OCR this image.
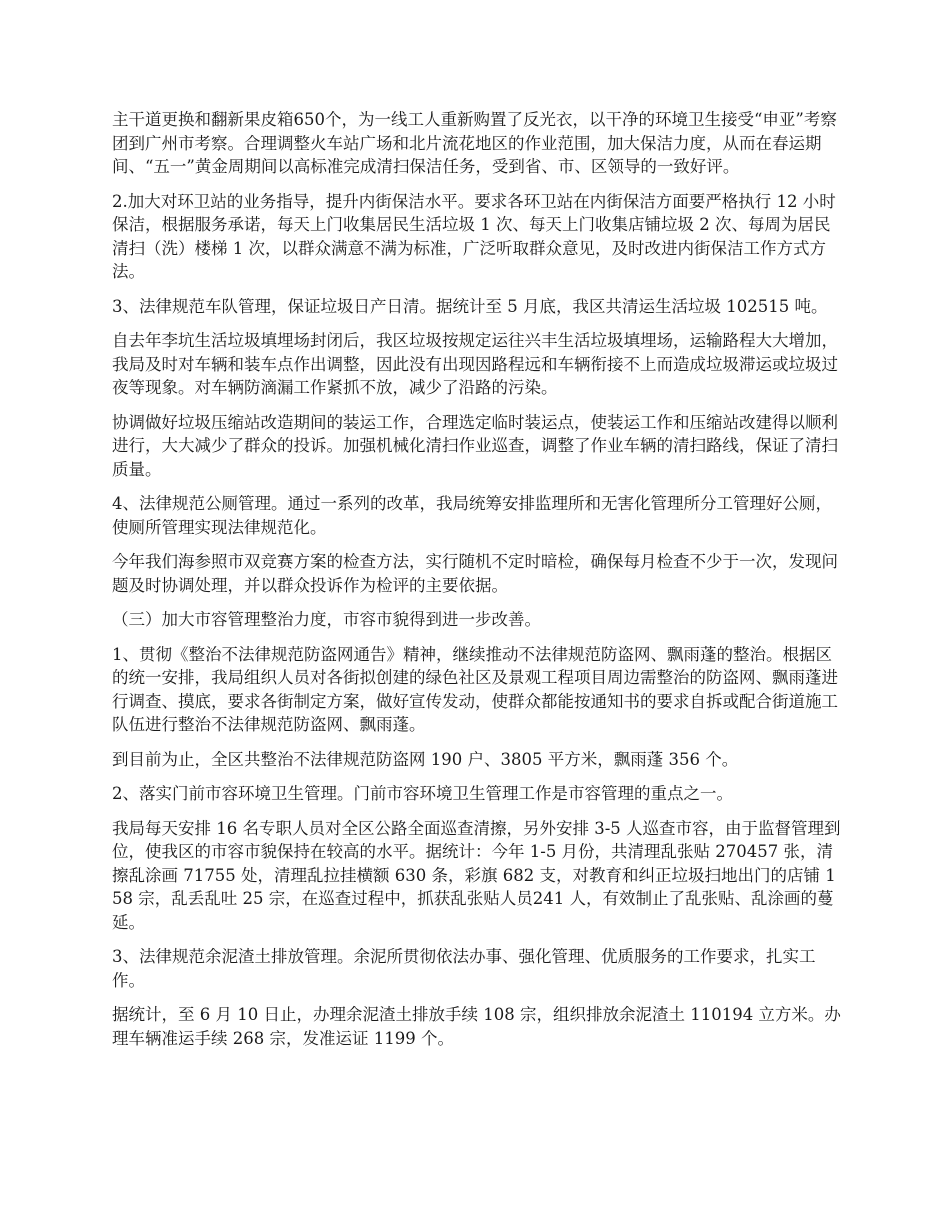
主干道更换和翻新果皮箱650个，为一线工人重新购置了反光衣，以干净的环境卫生接受“申亚”考察团到广州市考察。合理调整火车站广场和北片流花地区的作业范围，加大保洁力度，从而在春运期间、“五一”黄金周期间以高标准完成清扫保洁任务，受到省、市、区领导的一致好评。

2.加大对环卫站的业务指导，提升内街保洁水平。要求各环卫站在内街保洁方面要严格执行 12 小时保洁，根据服务承诺，每天上门收集居民生活垃圾 1 次、每天上门收集店铺垃圾 2 次、每周为居民清扫（洗）楼梯 1 次，以群众满意不满为标准，广泛听取群众意见，及时改进内街保洁工作方式方法。

3、法律规范车队管理，保证垃圾日产日清。据统计至 5 月底，我区共清运生活垃圾 102515 吨。

自去年李坑生活垃圾填埋场封闭后，我区垃圾按规定运往兴丰生活垃圾填埋场，运输路程大大增加，我局及时对车辆和装车点作出调整，因此没有出现因路程远和车辆衔接不上而造成垃圾滞运或垃圾过夜等现象。对车辆防滴漏工作紧抓不放，减少了沿路的污染。

协调做好垃圾压缩站改造期间的装运工作，合理选定临时装运点，使装运工作和压缩站改建得以顺利进行，大大减少了群众的投诉。加强机械化清扫作业巡查，调整了作业车辆的清扫路线，保证了清扫质量。

4、法律规范公厕管理。通过一系列的改革，我局统筹安排监理所和无害化管理所分工管理好公厕，使厕所管理实现法律规范化。

今年我们海参照市双竞赛方案的检查方法，实行随机不定时暗检，确保每月检查不少于一次，发现问题及时协调处理，并以群众投诉作为检评的主要依据。

（三）加大市容管理整治力度，市容市貌得到进一步改善。

1、贯彻《整治不法律规范防盗网通告》精神，继续推动不法律规范防盗网、飘雨蓬的整治。根据区的统一安排，我局组织人员对各街拟创建的绿色社区及景观工程项目周边需整治的防盗网、飘雨蓬进行调查、摸底，要求各街制定方案，做好宣传发动，使群众都能按通知书的要求自拆或配合街道施工队伍进行整治不法律规范防盗网、飘雨蓬。

到目前为止，全区共整治不法律规范防盗网 190 户、3805 平方米，飘雨蓬 356 个。

2、落实门前市容环境卫生管理。门前市容环境卫生管理工作是市容管理的重点之一。

我局每天安排 16 名专职人员对全区公路全面巡查清擦，另外安排 3-5 人巡查市容，由于监督管理到位，使我区的市容市貌保持在较高的水平。据统计：今年 1-5 月份，共清理乱张贴 270457 张，清擦乱涂画 71755 处，清理乱拉挂横额 630 条，彩旗 682 支，对教育和纠正垃圾扫地出门的店铺 158 宗，乱丢乱吐 25 宗，在巡查过程中，抓获乱张贴人员241 人，有效制止了乱张贴、乱涂画的蔓延。

3、法律规范余泥渣土排放管理。余泥所贯彻依法办事、强化管理、优质服务的工作要求，扎实工作。

据统计，至 6 月 10 日止，办理余泥渣土排放手续 108 宗，组织排放余泥渣土 110194 立方米。办理车辆准运手续 268 宗，发准运证 1199 个。
